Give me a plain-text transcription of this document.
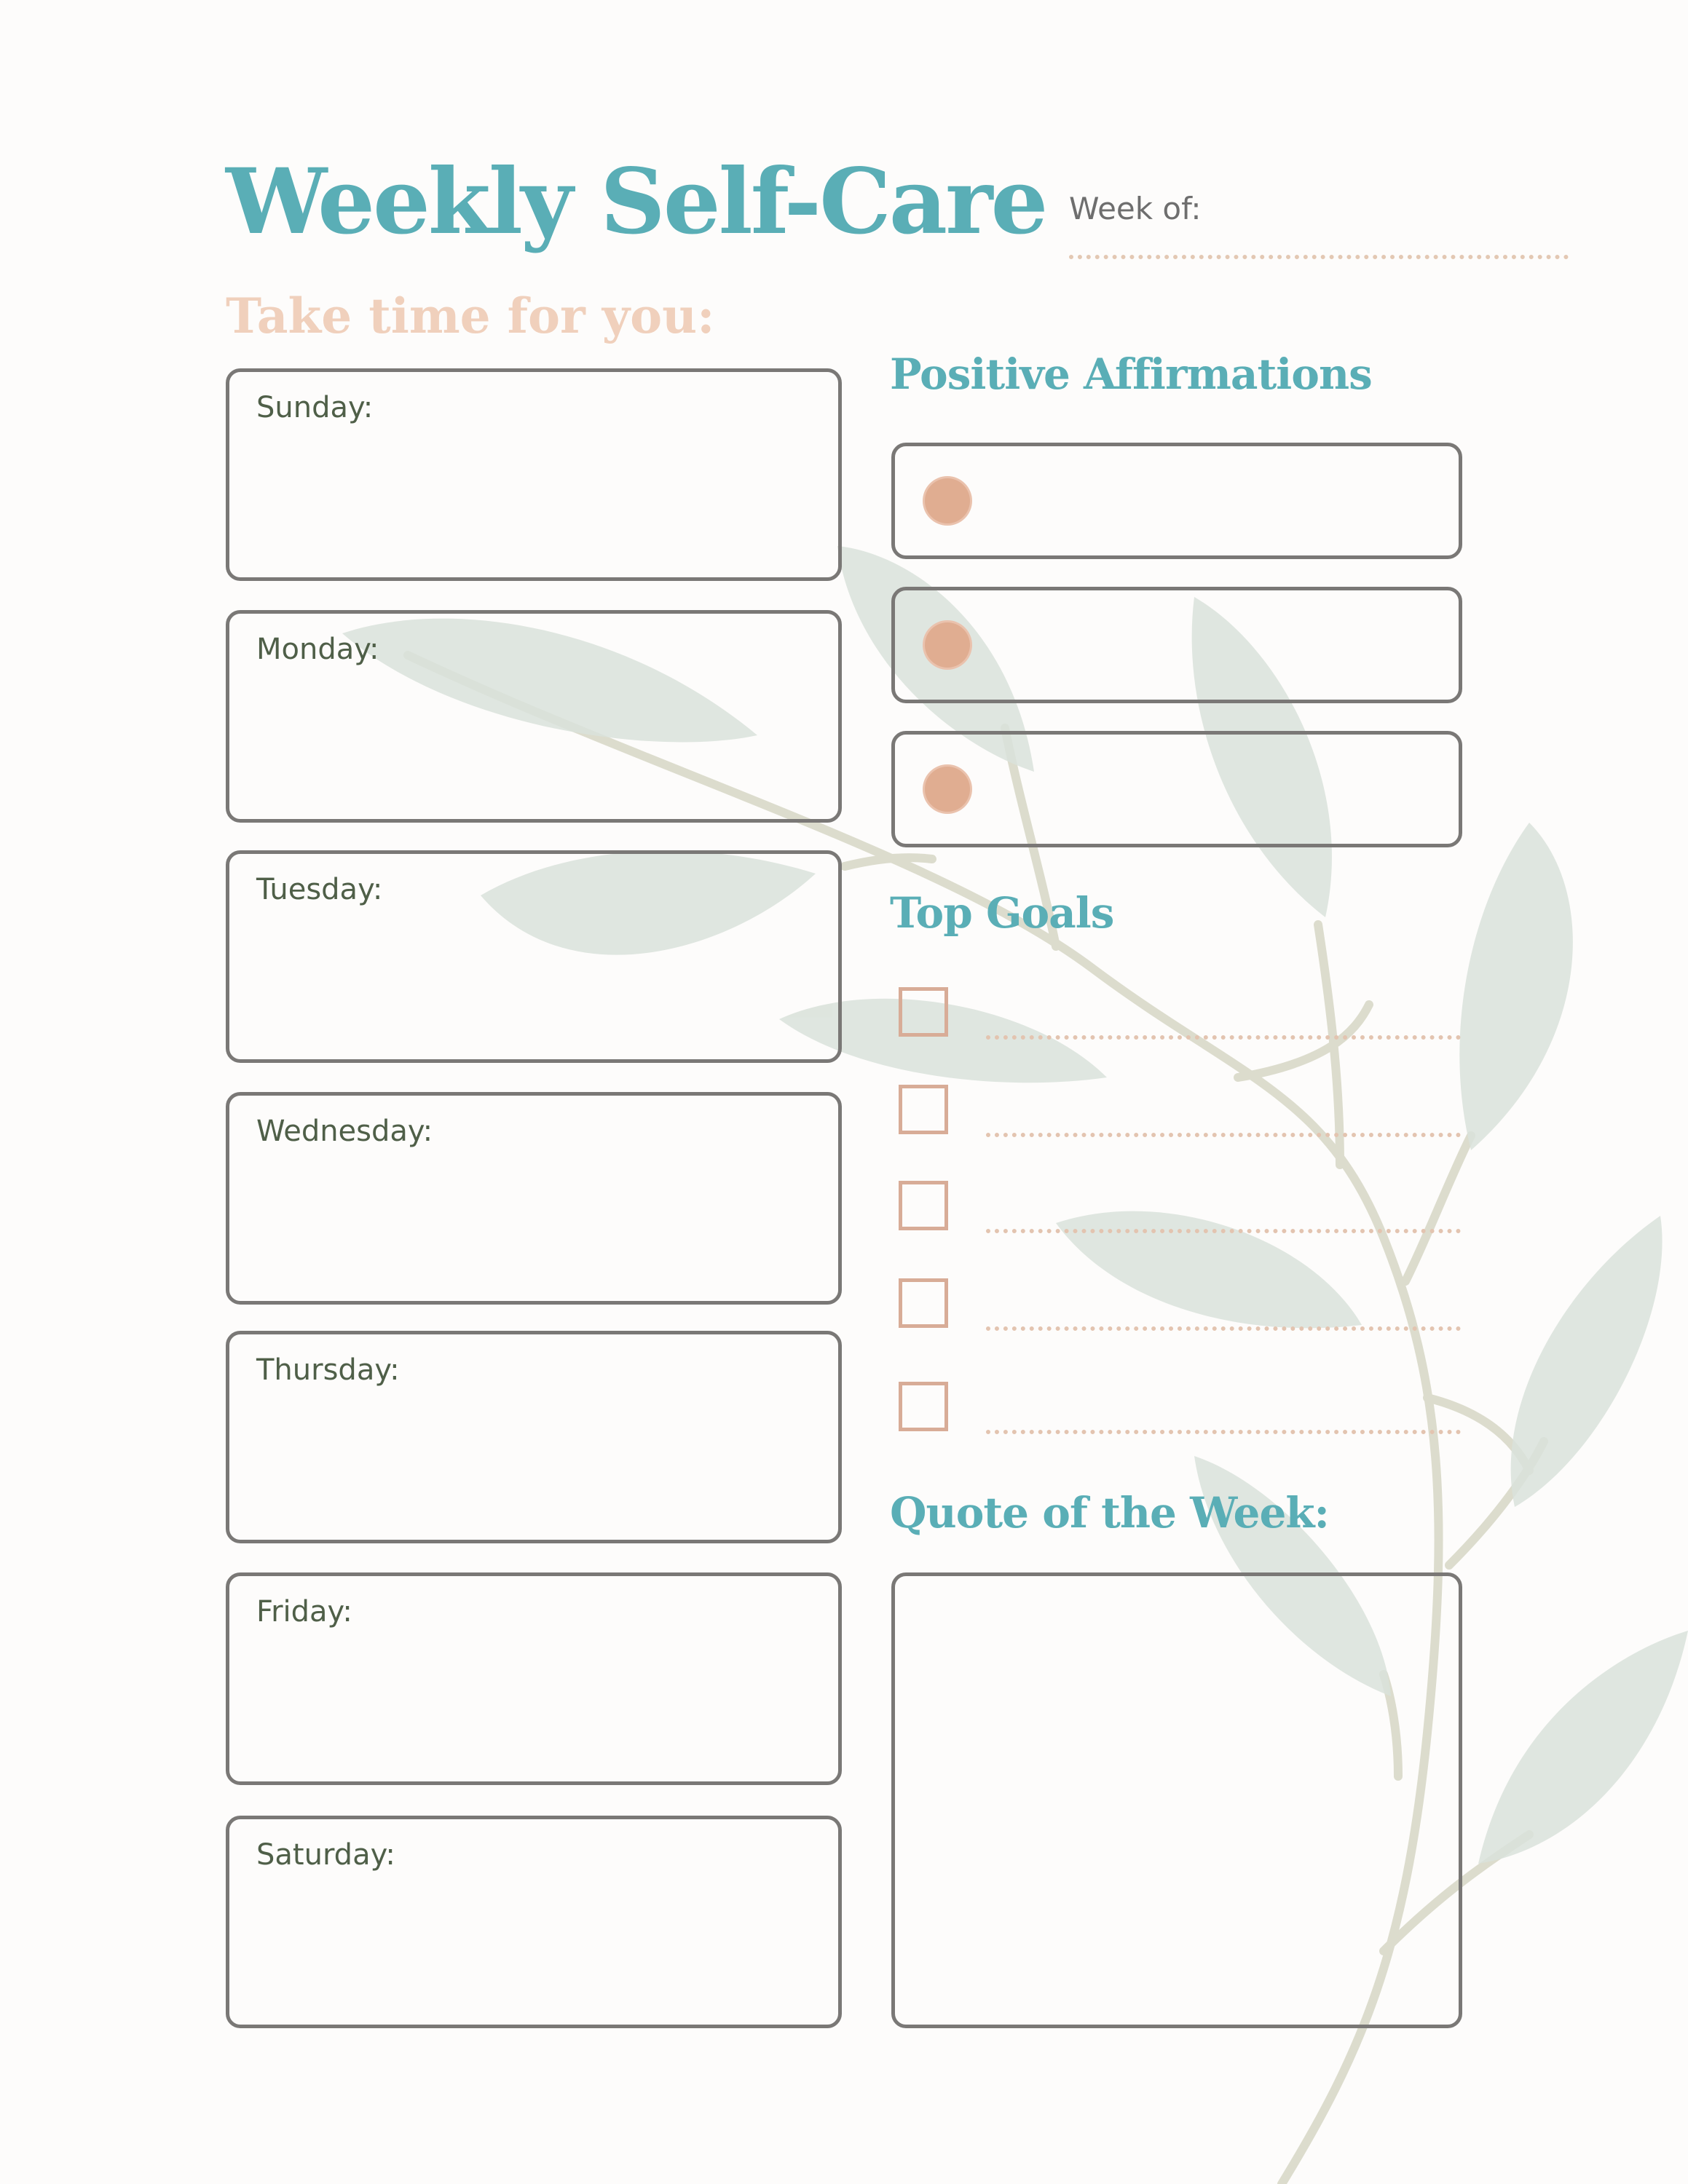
Weekly Self-Care
Take time for you:
Week of:
Sunday:
Monday:
Tuesday:
Wednesday:
Thursday:
Friday:
Saturday:
Positive Affirmations
Top Goals
Quote of the Week:
